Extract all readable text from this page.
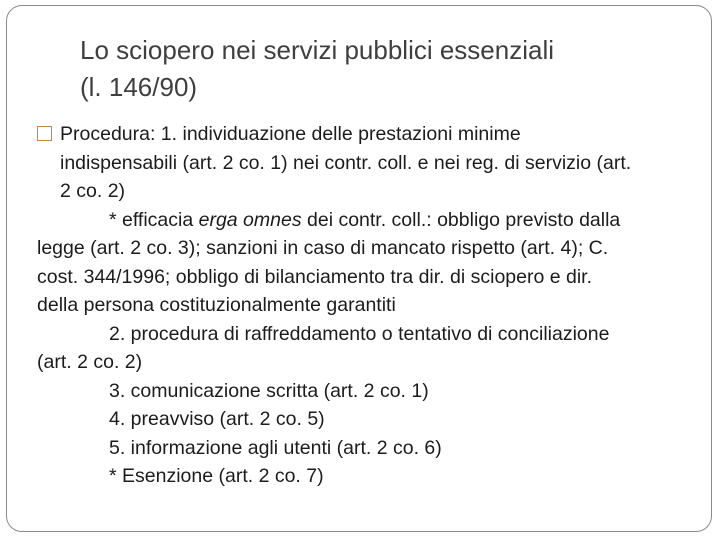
Lo sciopero nei servizi pubblici essenziali
(l. 146/90)
Procedura: 1. individuazione delle prestazioni minime indispensabili (art. 2 co. 1) nei contr. coll. e nei reg. di servizio (art. 2 co. 2)

* efficacia erga omnes dei contr. coll.: obbligo previsto dalla legge (art. 2 co. 3); sanzioni in caso di mancato rispetto (art. 4); C. cost. 344/1996; obbligo di bilanciamento tra dir. di sciopero e dir. della persona costituzionalmente garantiti

2. procedura di raffreddamento o tentativo di conciliazione (art. 2 co. 2)

3. comunicazione scritta (art. 2 co. 1)

4. preavviso (art. 2 co. 5)

5. informazione agli utenti (art. 2 co. 6)

* Esenzione (art. 2 co. 7)
